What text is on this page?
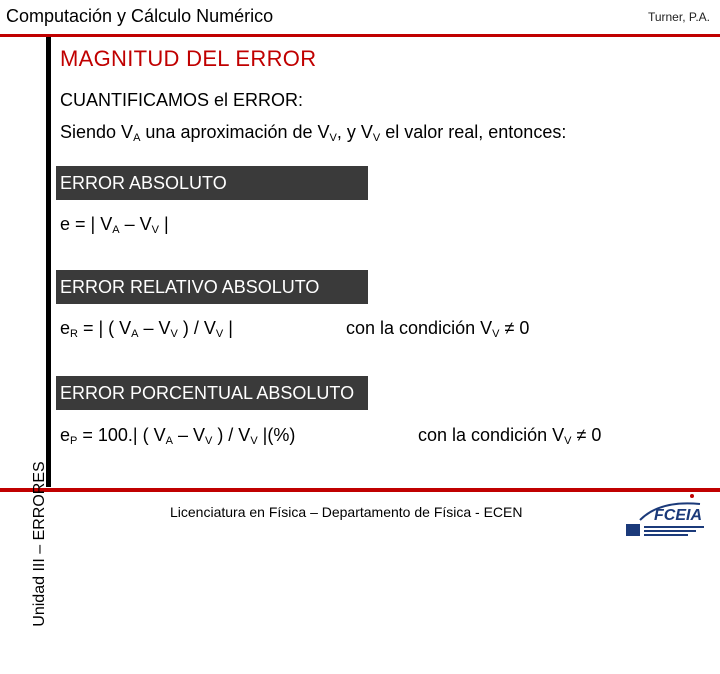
Computación y Cálculo Numérico	Turner, P.A.
Unidad III – ERRORES
MAGNITUD DEL ERROR
CUANTIFICAMOS el ERROR:
Siendo $V_A$ una aproximación de $V_V$, y $V_V$ el valor real, entonces:
ERROR ABSOLUTO
e = | $V_A - V_V$ |
ERROR RELATIVO ABSOLUTO
$e_R$ = | ( $V_A - V_V$ ) / $V_V$ |	con la condición $V_V \ne 0$
ERROR PORCENTUAL ABSOLUTO
$e_P = 100.|$ ( $V_A - V_V$ ) / $V_V$ |(%)	con la condición $V_V \ne 0$
Licenciatura en Física – Departamento de Física - ECEN	FCEIA
